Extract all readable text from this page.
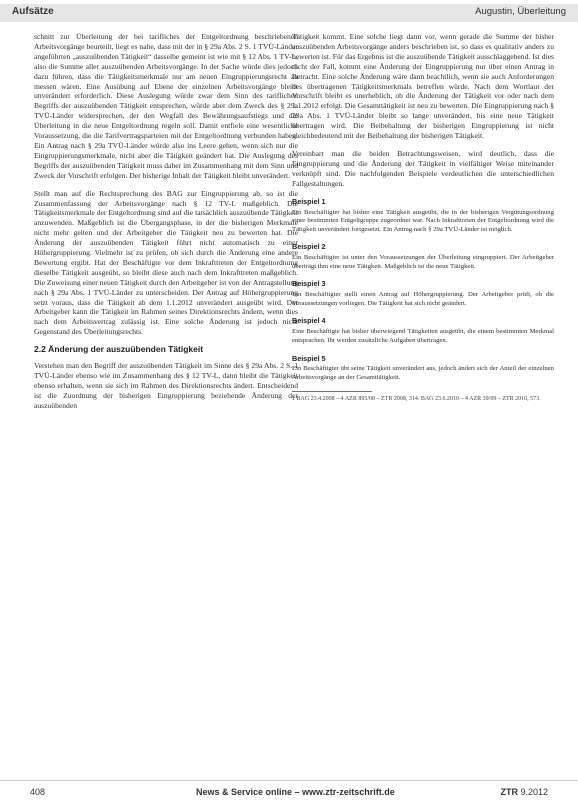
Aufsätze	Augustin, Überleitung

schnitt zur Überleitung der bei tarifliches der Entgeltordnung beschriebenen Arbeitsvorgänge beurteilt, liegt es nahe, dass mit der in § 29a Abs. 2 S. 1 TVÜ-Länder angeführten „auszuübenden Tätigkeit“ dasselbe gemeint ist wie mit § 12 Abs. 1 TV-L, also die Summe aller auszuübenden Arbeitsvorgänge. In der Sache würde dies jedoch dazu führen, dass die Tätigkeitsmerkmale nur am neuen Eingruppierungsrecht zu messen wären. Eine Ausübung auf Ebene der einzelnen Arbeitsvorgänge bleibt unverändert erforderlich. Diese Auslegung würde zwar dem Sinn des tariflichen Begriffs der auszuübenden Tätigkeit entsprechen, würde aber dem Zweck des § 29a TVÜ-Länder widersprechen, der den Wegfall des Bewährungsaufstiegs und die Überleitung in die neue Entgeltordnung regeln soll. Damit entfiele eine wesentliche Voraussetzung, die die Tarifvertragsparteien mit der Entgeltordnung verbunden haben. Ein Antrag nach § 29a TVÜ-Länder würde also ins Leere gehen, wenn sich nur die Eingruppierungsmerkmale, nicht aber die Tätigkeit geändert hat. Die Auslegung des Begriffs der auszuübenden Tätigkeit muss daher im Zusammenhang mit dem Sinn und Zweck der Vorschrift erfolgen. Der bisherige Inhalt der Tätigkeit bleibt unverändert.

Stellt man auf die Rechtsprechung des BAG zur Eingruppierung ab, so ist die Zusammenfassung der Arbeitsvorgänge nach § 12 TV-L maßgeblich. Die Tätigkeitsmerkmale der Entgeltordnung sind auf die tatsächlich auszuübende Tätigkeit anzuwenden. Maßgeblich ist die Übergangsphase, in der die bisherigen Merkmale nicht mehr gelten und der Arbeitgeber die Tätigkeit neu zu bewerten hat. Die Änderung der auszuübenden Tätigkeit führt nicht automatisch zu einer Höhergruppierung. Vielmehr ist zu prüfen, ob sich durch die Änderung eine andere Bewertung ergibt. Hat der Beschäftigte vor dem Inkrafttreten der Entgeltordnung dieselbe Tätigkeit ausgeübt, so bleibt diese auch nach dem Inkrafttreten maßgeblich. Die Zuweisung einer neuen Tätigkeit durch den Arbeitgeber ist von der Antragstellung nach § 29a Abs. 1 TVÜ-Länder zu unterscheiden. Der Antrag auf Höhergruppierung setzt voraus, dass die Tätigkeit ab dem 1.1.2012 unverändert ausgeübt wird. Der Arbeitgeber kann die Tätigkeit im Rahmen seines Direktionsrechts ändern, wenn dies nach dem Arbeitsvertrag zulässig ist. Eine solche Änderung ist jedoch nicht Gegenstand des Überleitungsrechts.

2.2 Änderung der auszuübenden Tätigkeit

Verstehen man den Begriff der auszuübenden Tätigkeit im Sinne des § 29a Abs. 2 S. 1 TVÜ-Länder ebenso wie im Zusammenhang des § 12 TV-L, dann bleibt die Tätigkeit ebenso erhalten, wenn sie sich im Rahmen des Direktionsrechts ändert. Entscheidend ist die Zuordnung der bisherigen Eingruppierung beziehende Änderung der auszuübenden

Tätigkeit kommt. Eine solche liegt dann vor, wenn gerade die Summe der bisher auszuübenden Arbeitsvorgänge anders beschrieben ist, so dass es qualitativ anders zu bewerten ist. Für das Ergebnis ist die auszuübende Tätigkeit ausschlaggebend. Ist dies nicht der Fall, kommt eine Änderung der Eingruppierung nur über einen Antrag in Betracht. Eine solche Änderung wäre dann beachtlich, wenn sie auch Anforderungen des übertragenen Tätigkeitsmerkmals betreffen würde. Nach dem Wortlaut der Vorschrift bleibt es unerheblich, ob die Änderung der Tätigkeit vor oder nach dem 1.1.2012 erfolgt. Die Gesamttätigkeit ist neu zu bewerten. Die Eingruppierung nach § 29a Abs. 1 TVÜ-Länder bleibt so lange unverändert, bis eine neue Tätigkeit übertragen wird. Die Beibehaltung der bisherigen Eingruppierung ist nicht gleichbedeutend mit der Beibehaltung der bisherigen Tätigkeit.

Vereinbart man die beiden Betrachtungsweisen, wird deutlich, dass die Eingruppierung und die Änderung der Tätigkeit in vielfältiger Weise miteinander verknüpft sind. Die nachfolgenden Beispiele verdeutlichen die unterschiedlichen Fallgestaltungen.

Beispiel 1

Ein Beschäftigter hat bisher eine Tätigkeit ausgeübt, die in der bisherigen Vergütungsordnung einer bestimmten Entgeltgruppe zugeordnet war. Nach Inkrafttreten der Entgeltordnung wird die Tätigkeit unverändert fortgesetzt. Ein Antrag nach § 29a TVÜ-Länder ist möglich.

Beispiel 2

Ein Beschäftigter ist unter den Voraussetzungen der Überleitung eingruppiert. Der Arbeitgeber überträgt ihm eine neue Tätigkeit. Maßgeblich ist die neue Tätigkeit.

Beispiel 3

Ein Beschäftigter stellt einen Antrag auf Höhergruppierung. Der Arbeitgeber prüft, ob die Voraussetzungen vorliegen. Die Tätigkeit hat sich nicht geändert.

Beispiel 4

Eine Beschäftigte hat bisher überwiegend Tätigkeiten ausgeübt, die einem bestimmten Merkmal entsprachen. Ihr werden zusätzliche Aufgaben übertragen.

Beispiel 5

Ein Beschäftigter übt seine Tätigkeit unverändert aus, jedoch ändert sich der Anteil der einzelnen Arbeitsvorgänge an der Gesamttätigkeit.

1 BAG 23.4.2008 – 4 AZR 895/08 – ZTR 2008, 314. BAG 23.6.2010 – 4 AZR 39/09 – ZTR 2010, 573.
408	News & Service online – www.ztr-zeitschrift.de	ZTR 9.2012
